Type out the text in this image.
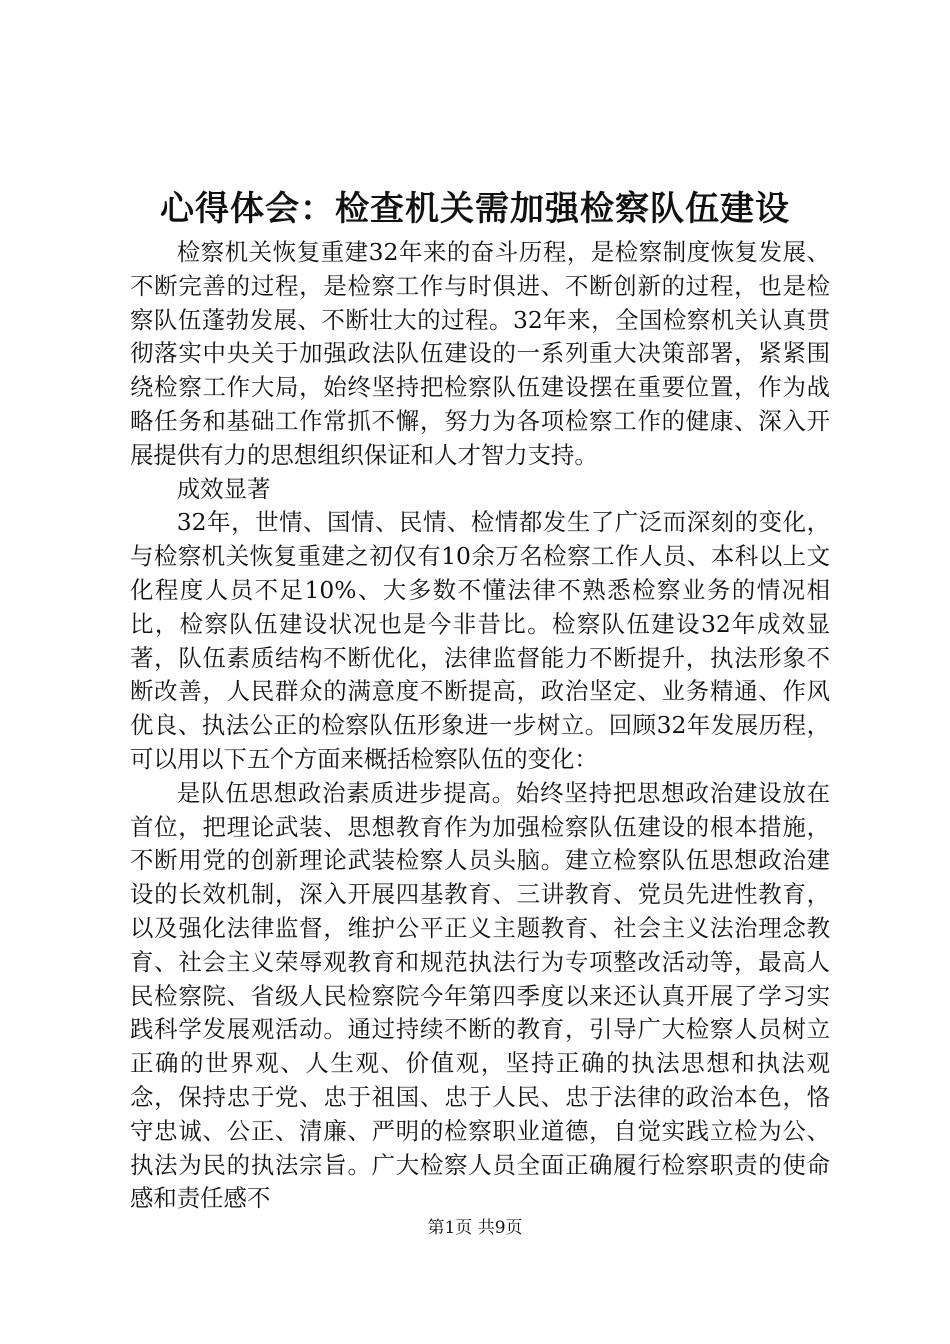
心得体会：检查机关需加强检察队伍建设

检察机关恢复重建32年来的奋斗历程，是检察制度恢复发展、不断完善的过程，是检察工作与时俱进、不断创新的过程，也是检察队伍蓬勃发展、不断壮大的过程。32年来，全国检察机关认真贯彻落实中央关于加强政法队伍建设的一系列重大决策部署，紧紧围绕检察工作大局，始终坚持把检察队伍建设摆在重要位置，作为战略任务和基础工作常抓不懈，努力为各项检察工作的健康、深入开展提供有力的思想组织保证和人才智力支持。

成效显著

32年，世情、国情、民情、检情都发生了广泛而深刻的变化，与检察机关恢复重建之初仅有10余万名检察工作人员、本科以上文化程度人员不足10%、大多数不懂法律不熟悉检察业务的情况相比，检察队伍建设状况也是今非昔比。检察队伍建设32年成效显著，队伍素质结构不断优化，法律监督能力不断提升，执法形象不断改善，人民群众的满意度不断提高，政治坚定、业务精通、作风优良、执法公正的检察队伍形象进一步树立。回顾32年发展历程，可以用以下五个方面来概括检察队伍的变化：

是队伍思想政治素质进步提高。始终坚持把思想政治建设放在首位，把理论武装、思想教育作为加强检察队伍建设的根本措施，不断用党的创新理论武装检察人员头脑。建立检察队伍思想政治建设的长效机制，深入开展四基教育、三讲教育、党员先进性教育，以及强化法律监督，维护公平正义主题教育、社会主义法治理念教育、社会主义荣辱观教育和规范执法行为专项整改活动等，最高人民检察院、省级人民检察院今年第四季度以来还认真开展了学习实践科学发展观活动。通过持续不断的教育，引导广大检察人员树立正确的世界观、人生观、价值观，坚持正确的执法思想和执法观念，保持忠于党、忠于祖国、忠于人民、忠于法律的政治本色，恪守忠诚、公正、清廉、严明的检察职业道德，自觉实践立检为公、执法为民的执法宗旨。广大检察人员全面正确履行检察职责的使命感和责任感不

第1页 共9页
